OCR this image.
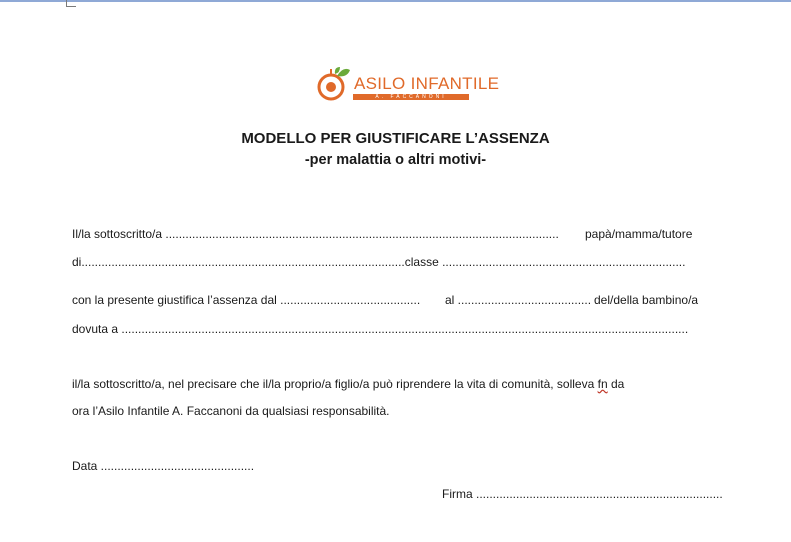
ASILO INFANTILE
A. FACCANONI
MODELLO PER GIUSTIFICARE L’ASSENZA
-per malattia o altri motivi-
Il/la sottoscritto/a ...................................................................................................................... papà/mamma/tutore
di.................................................................................................classe .........................................................................
con la presente giustifica l’assenza dal .......................................... al ........................................ del/della bambino/a
dovuta a ..........................................................................................................................................................................
il/la sottoscritto/a, nel precisare che il/la proprio/a figlio/a può riprendere la vita di comunità, solleva fn da
ora l’Asilo Infantile A. Faccanoni da qualsiasi responsabilità.
Data ..............................................
Firma ..........................................................................
